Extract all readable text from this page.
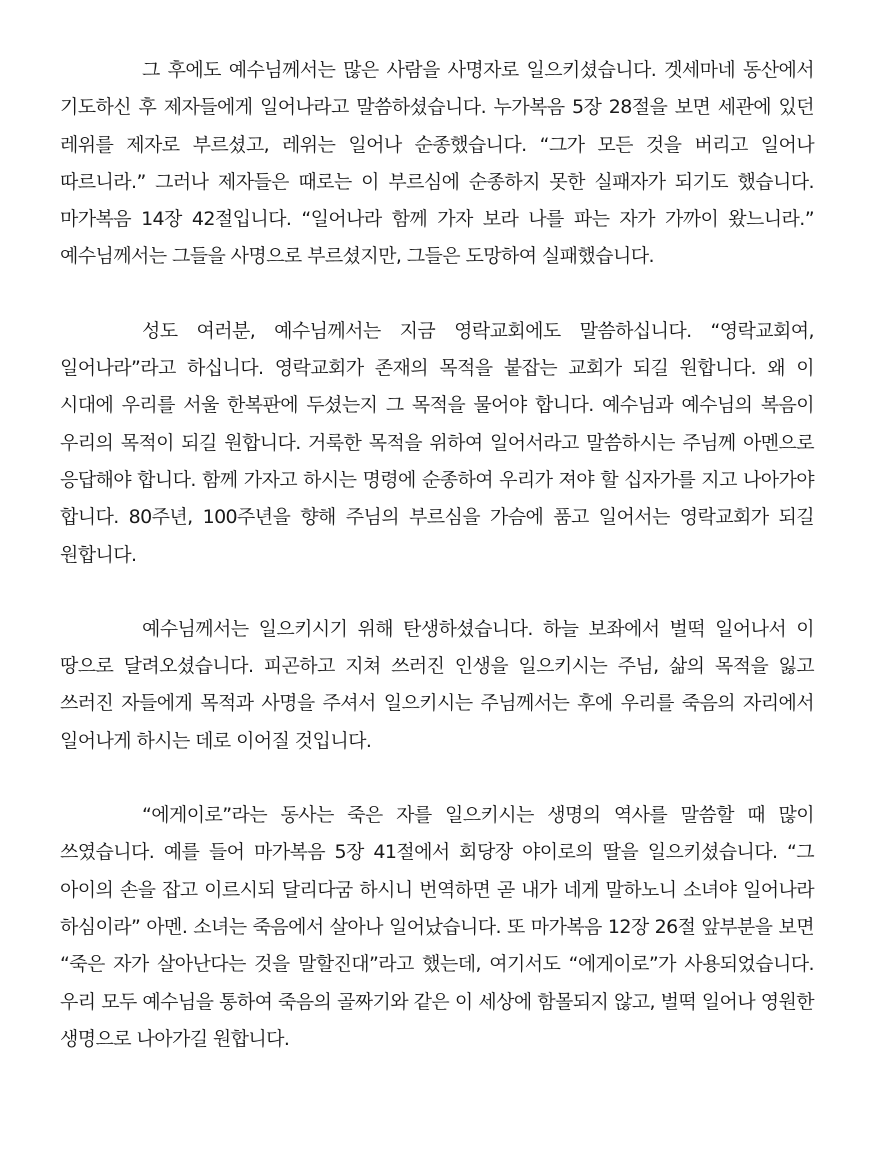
그 후에도 예수님께서는 많은 사람을 사명자로 일으키셨습니다. 겟세마네 동산에서 기도하신 후 제자들에게 일어나라고 말씀하셨습니다. 누가복음 5장 28절을 보면 세관에 있던 레위를 제자로 부르셨고, 레위는 일어나 순종했습니다. “그가 모든 것을 버리고 일어나 따르니라.” 그러나 제자들은 때로는 이 부르심에 순종하지 못한 실패자가 되기도 했습니다. 마가복음 14장 42절입니다. “일어나라 함께 가자 보라 나를 파는 자가 가까이 왔느니라.” 예수님께서는 그들을 사명으로 부르셨지만, 그들은 도망하여 실패했습니다.

성도 여러분, 예수님께서는 지금 영락교회에도 말씀하십니다. “영락교회여, 일어나라”라고 하십니다. 영락교회가 존재의 목적을 붙잡는 교회가 되길 원합니다. 왜 이 시대에 우리를 서울 한복판에 두셨는지 그 목적을 물어야 합니다. 예수님과 예수님의 복음이 우리의 목적이 되길 원합니다. 거룩한 목적을 위하여 일어서라고 말씀하시는 주님께 아멘으로 응답해야 합니다. 함께 가자고 하시는 명령에 순종하여 우리가 져야 할 십자가를 지고 나아가야 합니다. 80주년, 100주년을 향해 주님의 부르심을 가슴에 품고 일어서는 영락교회가 되길 원합니다.

예수님께서는 일으키시기 위해 탄생하셨습니다. 하늘 보좌에서 벌떡 일어나서 이 땅으로 달려오셨습니다. 피곤하고 지쳐 쓰러진 인생을 일으키시는 주님, 삶의 목적을 잃고 쓰러진 자들에게 목적과 사명을 주셔서 일으키시는 주님께서는 후에 우리를 죽음의 자리에서 일어나게 하시는 데로 이어질 것입니다.

“에게이로”라는 동사는 죽은 자를 일으키시는 생명의 역사를 말씀할 때 많이 쓰였습니다. 예를 들어 마가복음 5장 41절에서 회당장 야이로의 딸을 일으키셨습니다. “그 아이의 손을 잡고 이르시되 달리다굼 하시니 번역하면 곧 내가 네게 말하노니 소녀야 일어나라 하심이라” 아멘. 소녀는 죽음에서 살아나 일어났습니다. 또 마가복음 12장 26절 앞부분을 보면 “죽은 자가 살아난다는 것을 말할진대”라고 했는데, 여기서도 “에게이로”가 사용되었습니다. 우리 모두 예수님을 통하여 죽음의 골짜기와 같은 이 세상에 함몰되지 않고, 벌떡 일어나 영원한 생명으로 나아가길 원합니다.
